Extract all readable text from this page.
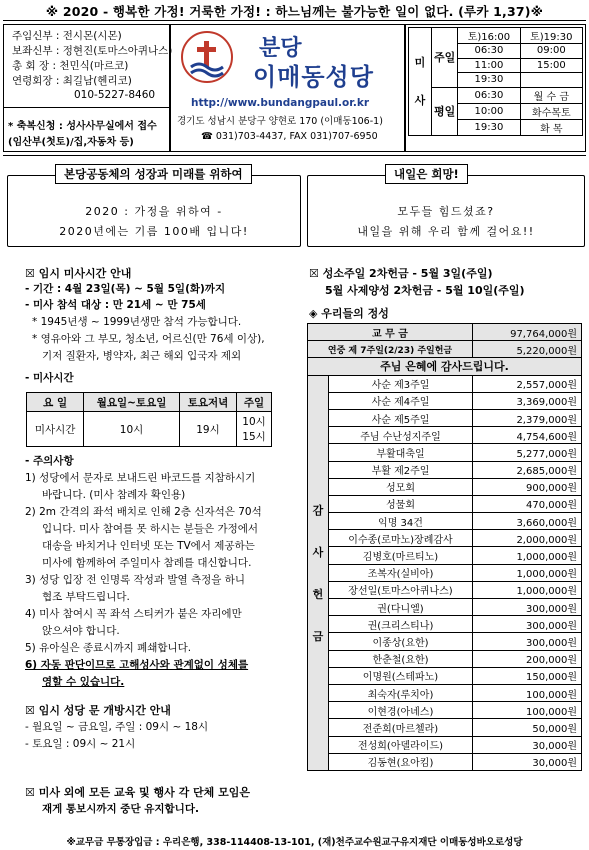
※ 2020 - 행복한 가정! 거룩한 가정! : 하느님께는 불가능한 일이 없다. (루카 1,37)※
주임신부 : 전시몬(시몬)
보좌신부 : 정현진(토마스아퀴나스)
총 회 장 : 천민식(마르코)
연령회장 : 최길남(헨리코)
010-5227-8460
* 축복신청 : 성사사무실에서 접수
(임산부(첫토)/집,자동차 등)
분당
이매동성당
http://www.bundangpaul.or.kr
경기도 성남시 분당구 양현로 170 (이매동106-1)
☎ 031)703-4437, FAX 031)707-6950
미
사	주일	토)16:00	토)19:30
		06:30	09:00
		11:00	15:00
		19:30	
	평일	06:30	월 수 금
		10:00	화수목토
		19:30	화 목
2020 : 가정을 위하여 -
2020년에는 기름 100배 입니다!
본당공동체의 성장과 미래를 위하여
모두들 힘드셨죠?
내일을 위해 우리 함께 걸어요!!
내일은 희망!
☒ 임시 미사시간 안내
- 기간 : 4월 23일(목) ~ 5월 5일(화)까지
- 미사 참석 대상 : 만 21세 ~ 만 75세
* 1945년생 ~ 1999년생만 참석 가능합니다.
* 영유아와 그 부모, 청소년, 어르신(만 76세 이상),
기저 질환자, 병약자, 최근 해외 입국자 제외
- 미사시간
요 일	월요일~토요일	토요저녁	주일
미사시간	10시	19시	10시
15시
- 주의사항
1) 성당에서 문자로 보내드린 바코드를 지참하시기
바랍니다. (미사 참례자 확인용)
2) 2m 간격의 좌석 배치로 인해 2층 신자석은 70석
입니다. 미사 참여를 못 하시는 분들은 가정에서
대송을 바치거나 인터넷 또는 TV에서 제공하는
미사에 함께하여 주일미사 참례를 대신합니다.
3) 성당 입장 전 인명록 작성과 발열 측정을 하니
협조 부탁드립니다.
4) 미사 참여시 꼭 좌석 스티커가 붙은 자리에만
앉으셔야 합니다.
5) 유아실은 종료시까지 폐쇄합니다.
6) 자동 판단이므로 고해성사와 관계없이 성체를
영할 수 있습니다.
☒ 임시 성당 문 개방시간 안내
- 월요일 ~ 금요일, 주일 : 09시 ~ 18시
- 토요일 : 09시 ~ 21시
☒ 미사 외에 모든 교육 및 행사 각 단체 모임은
재게 통보시까지 중단 유지합니다.
☒ 성소주일 2차헌금 - 5월 3일(주일)
5월 사제양성 2차헌금 - 5월 10일(주일)
◈ 우리들의 정성
교 무 금		97,764,000원
연중 제 7주일(2/23) 주일헌금		5,220,000원
주님 은혜에 감사드립니다.		

감
사
헌
금	사순 제3주일	2,557,000원
	사순 제4주일	3,369,000원
	사순 제5주일	2,379,000원
	주님 수난성지주일	4,754,600원
	부활대축일	5,277,000원
	부활 제2주일	2,685,000원
	성모회	900,000원
	성물회	470,000원
	익명 34건	3,660,000원
	이수종(로마노)장례감사	2,000,000원
	김병호(마르티노)	1,000,000원
	조복자(실비아)	1,000,000원
	장선일(토마스아퀴나스)	1,000,000원
	권(다니엘)	300,000원
	권(크리스티나)	300,000원
	이종상(요한)	300,000원
	한춘철(요한)	200,000원
	이명원(스테파노)	150,000원
	최숙자(루치아)	100,000원
	이현경(아녜스)	100,000원
	전준희(마르첼라)	50,000원
	전성희(아델라이드)	30,000원
	김동현(요아킴)	30,000원
※교무금 무통장입금 : 우리은행, 338-114408-13-101, (재)천주교수원교구유지재단 이매동성바오로성당
